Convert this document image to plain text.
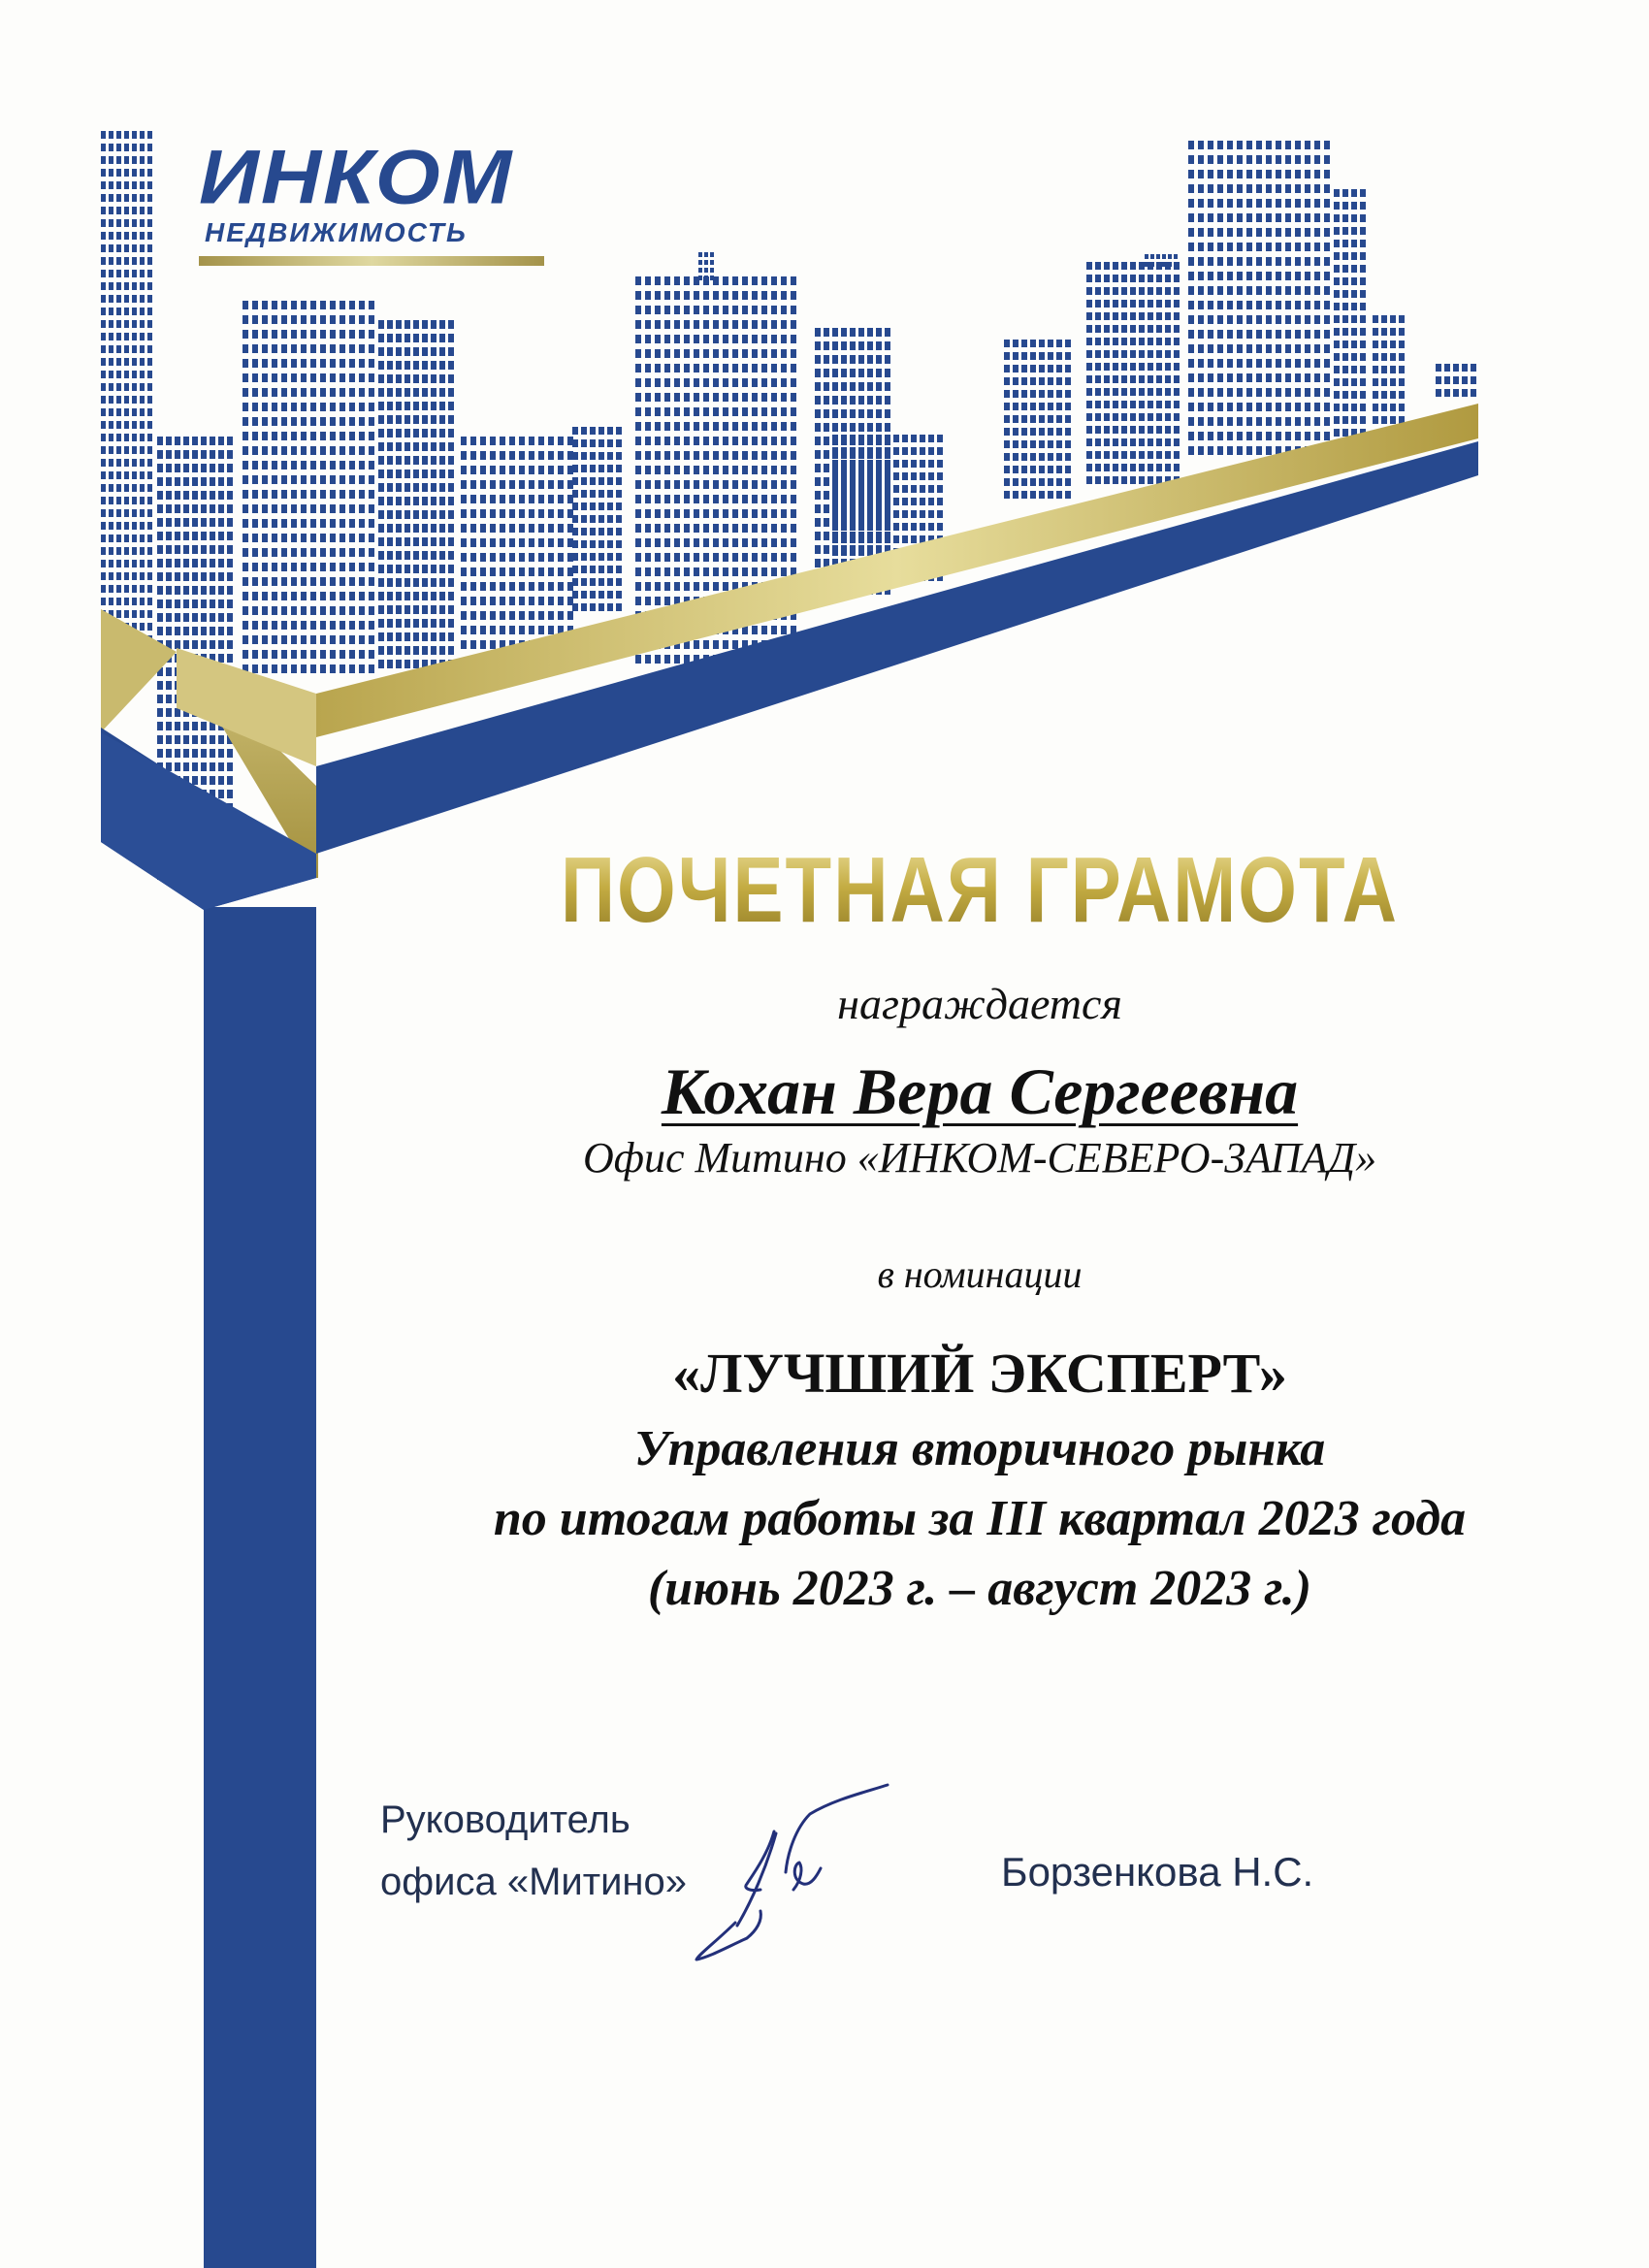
ИНКОМ
НЕДВИЖИМОСТЬ
ПОЧЕТНАЯ ГРАМОТА
награждается
Кохан Вера Сергеевна
Офис Митино «ИНКОМ-СЕВЕРО-ЗАПАД»
в номинации
«ЛУЧШИЙ ЭКСПЕРТ»
Управления вторичного рынка
по итогам работы за III квартал 2023 года
(июнь 2023 г. – август 2023 г.)
Руководитель
офиса «Митино»	Борзенкова Н.С.
